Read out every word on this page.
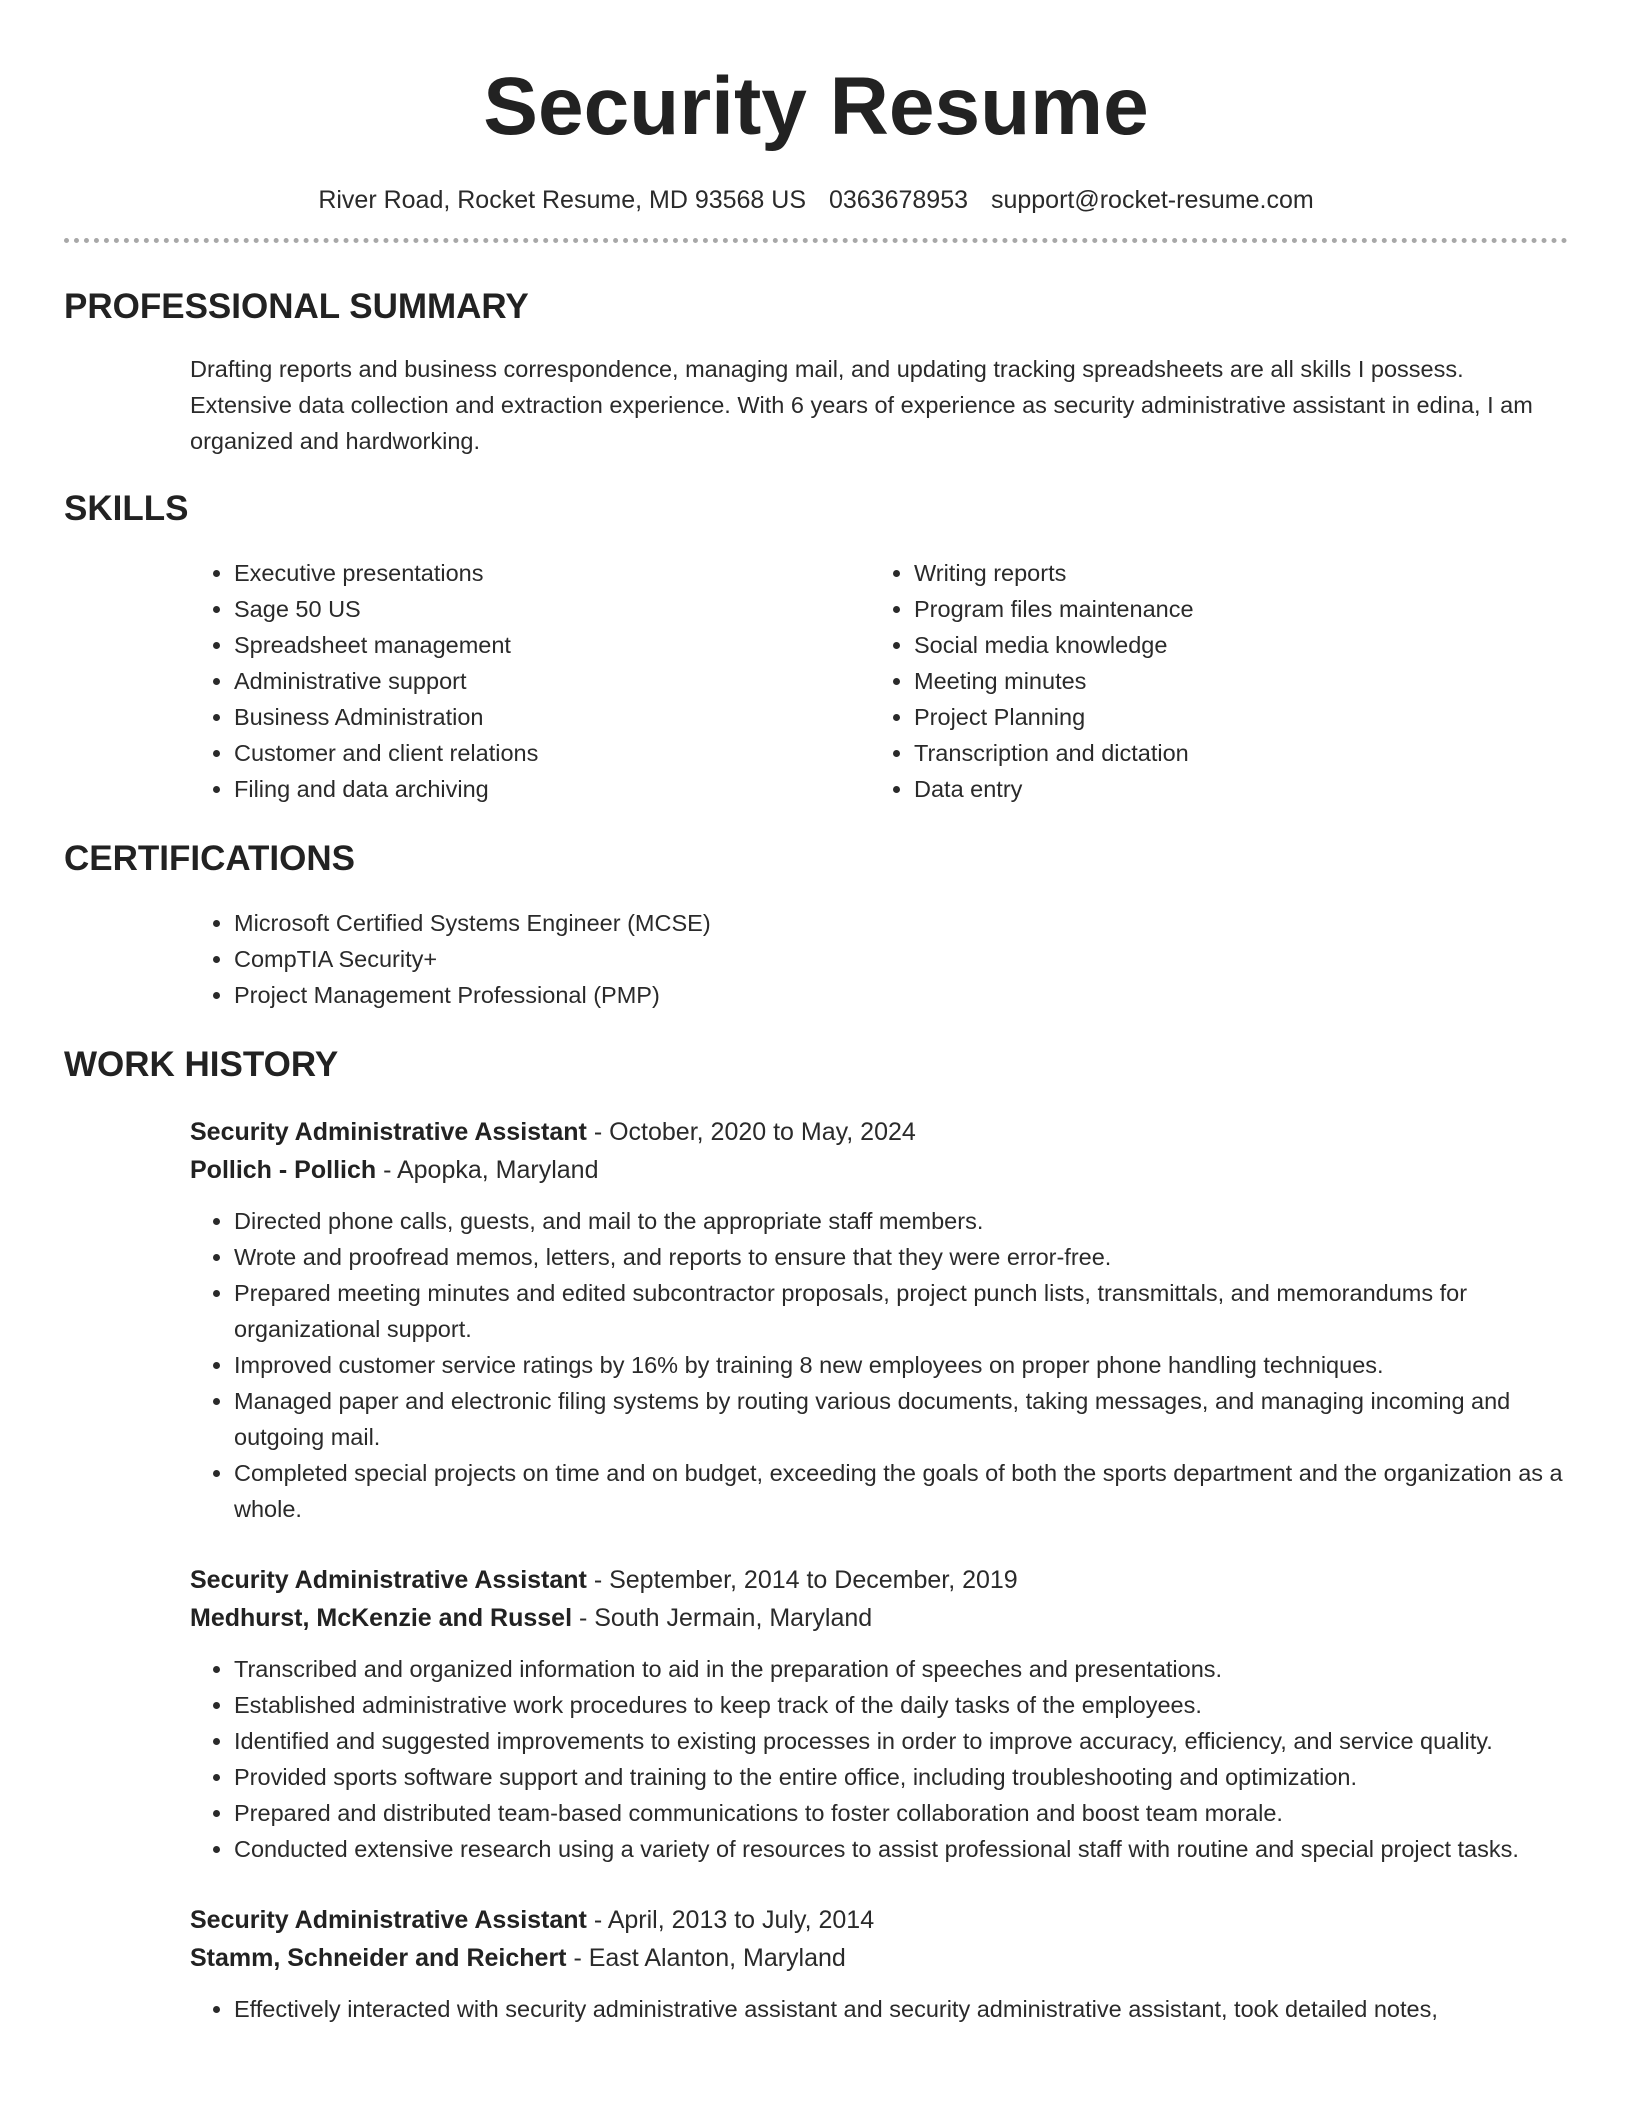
Security Resume
River Road, Rocket Resume, MD 93568 US 0363678953 support@rocket-resume.com
PROFESSIONAL SUMMARY
Drafting reports and business correspondence, managing mail, and updating tracking spreadsheets are all skills I possess. Extensive data collection and extraction experience. With 6 years of experience as security administrative assistant in edina, I am organized and hardworking.
SKILLS
• Executive presentations
• Sage 50 US
• Spreadsheet management
• Administrative support
• Business Administration
• Customer and client relations
• Filing and data archiving
• Writing reports
• Program files maintenance
• Social media knowledge
• Meeting minutes
• Project Planning
• Transcription and dictation
• Data entry
CERTIFICATIONS
• Microsoft Certified Systems Engineer (MCSE)
• CompTIA Security+
• Project Management Professional (PMP)
WORK HISTORY
Security Administrative Assistant - October, 2020 to May, 2024
Pollich - Pollich - Apopka, Maryland
• Directed phone calls, guests, and mail to the appropriate staff members.
• Wrote and proofread memos, letters, and reports to ensure that they were error-free.
• Prepared meeting minutes and edited subcontractor proposals, project punch lists, transmittals, and memorandums for organizational support.
• Improved customer service ratings by 16% by training 8 new employees on proper phone handling techniques.
• Managed paper and electronic filing systems by routing various documents, taking messages, and managing incoming and outgoing mail.
• Completed special projects on time and on budget, exceeding the goals of both the sports department and the organization as a whole.
Security Administrative Assistant - September, 2014 to December, 2019
Medhurst, McKenzie and Russel - South Jermain, Maryland
• Transcribed and organized information to aid in the preparation of speeches and presentations.
• Established administrative work procedures to keep track of the daily tasks of the employees.
• Identified and suggested improvements to existing processes in order to improve accuracy, efficiency, and service quality.
• Provided sports software support and training to the entire office, including troubleshooting and optimization.
• Prepared and distributed team-based communications to foster collaboration and boost team morale.
• Conducted extensive research using a variety of resources to assist professional staff with routine and special project tasks.
Security Administrative Assistant - April, 2013 to July, 2014
Stamm, Schneider and Reichert - East Alanton, Maryland
• Effectively interacted with security administrative assistant and security administrative assistant, took detailed notes,
